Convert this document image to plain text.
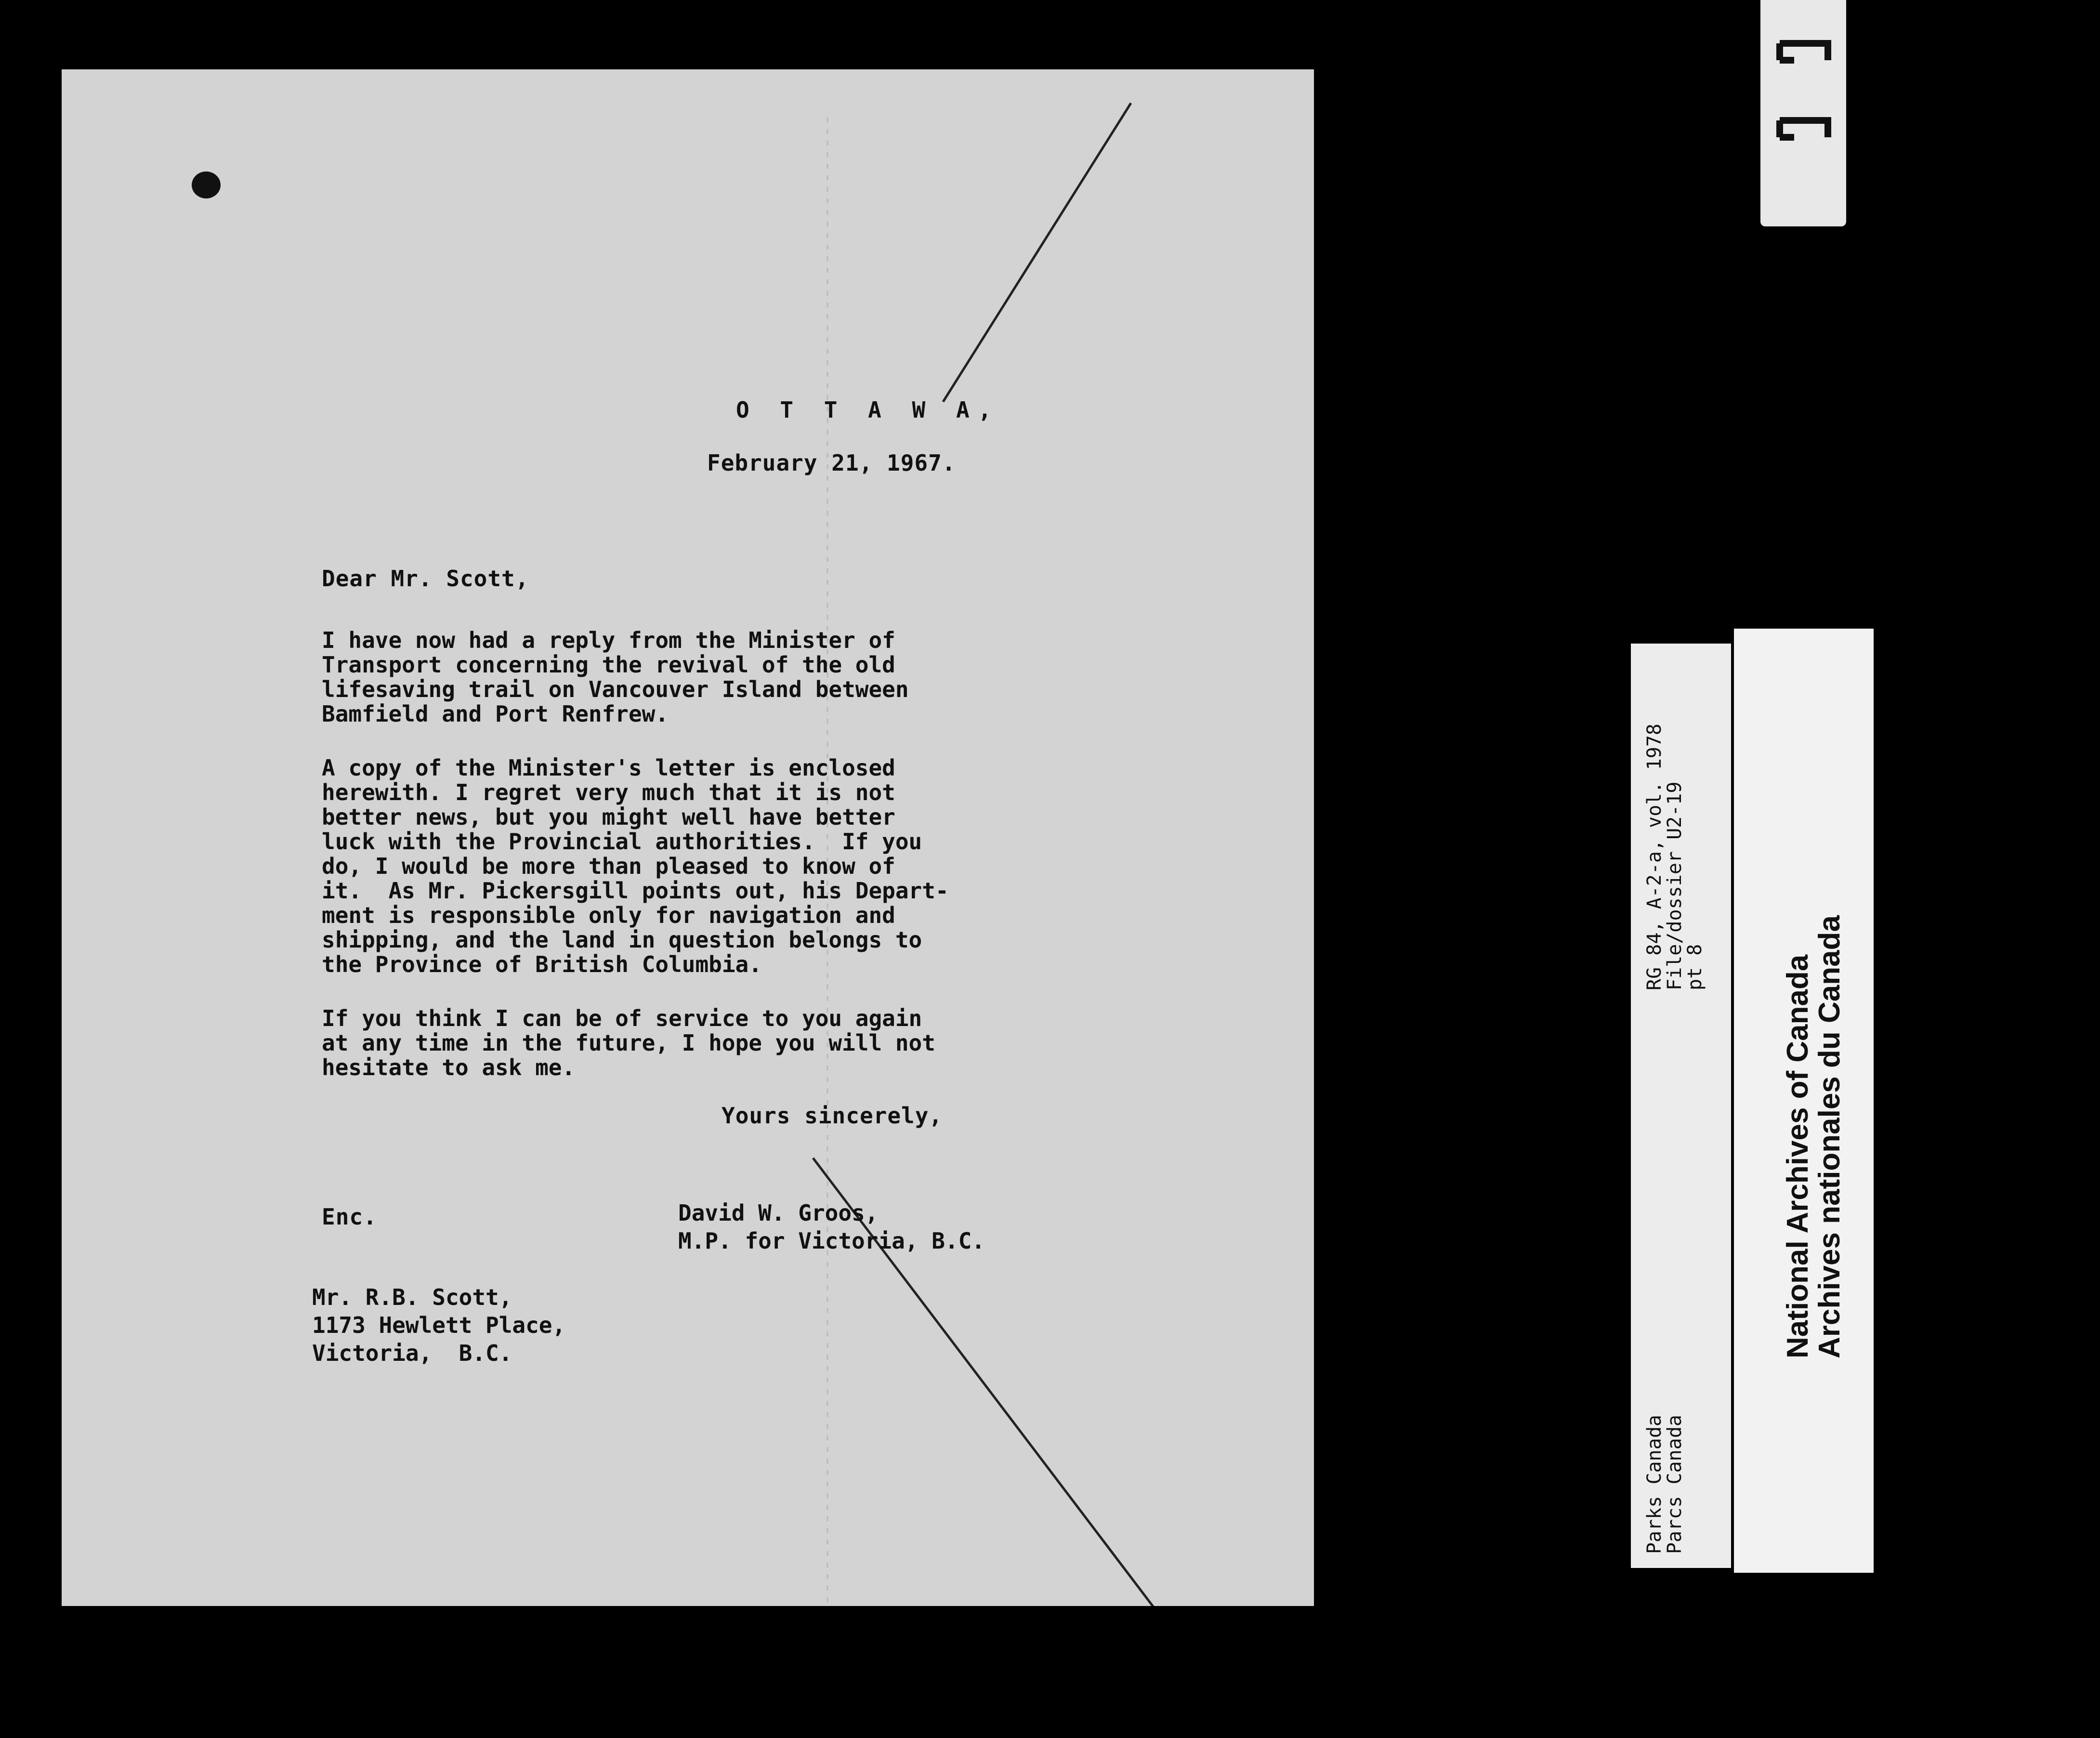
O T T A W A,
February 21, 1967.
Dear Mr. Scott,
I have now had a reply from the Minister of
Transport concerning the revival of the old
lifesaving trail on Vancouver Island between
Bamfield and Port Renfrew.
A copy of the Minister's letter is enclosed
herewith. I regret very much that it is not
better news, but you might well have better
luck with the Provincial authorities.  If you
do, I would be more than pleased to know of
it.  As Mr. Pickersgill points out, his Depart-
ment is responsible only for navigation and
shipping, and the land in question belongs to
the Province of British Columbia.
If you think I can be of service to you again
at any time in the future, I hope you will not
hesitate to ask me.
Yours sincerely,
Enc.	David W. Groos,
M.P. for Victoria, B.C.
Mr. R.B. Scott,
1173 Hewlett Place,
Victoria,  B.C.
RG 84, A-2-a, vol. 1978
File/dossier U2-19
pt 8
Parks Canada
Parcs Canada
National Archives of Canada
Archives nationales du Canada
